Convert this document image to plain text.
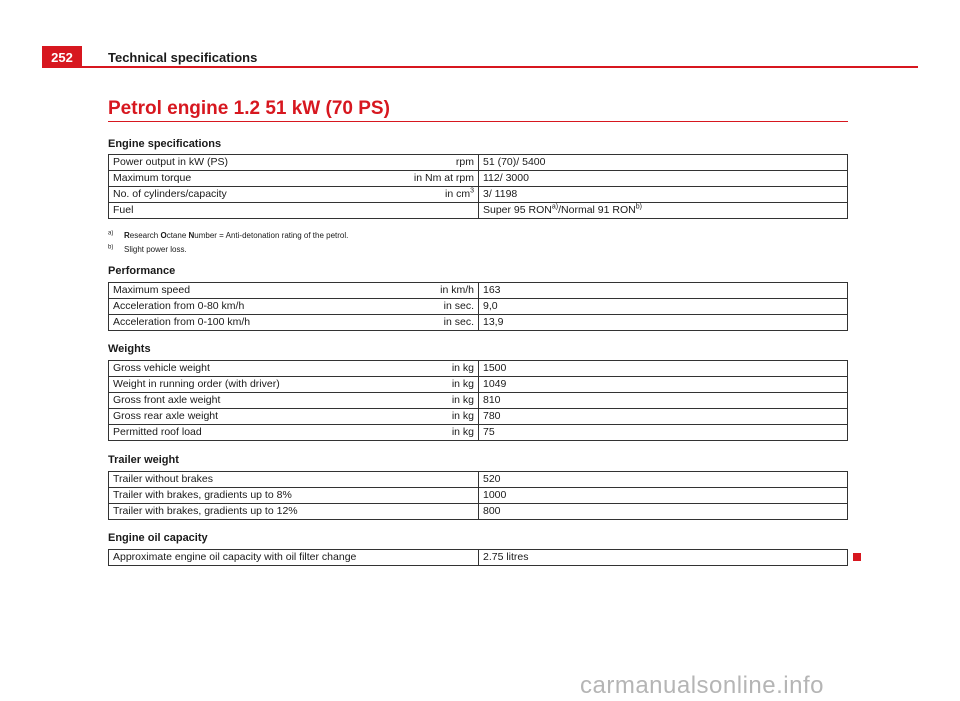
252	Technical specifications
Petrol engine 1.2 51 kW (70 PS)
Engine specifications
Power output in kW (PS) rpm	51 (70)/ 5400

Maximum torque in Nm at rpm	112/ 3000

No. of cylinders/capacity in $cm^3$	3/ 1198

Fuel	Super 95 RON$^{a)}$/Normal 91 RON$^{b)}$
$^{a)}$ Research Octane Number = Anti-detonation rating of the petrol.
$^{b)}$ Slight power loss.
Performance
Maximum speed in km/h	163

Acceleration from 0-80 km/h in sec.	9,0

Acceleration from 0-100 km/h in sec.	13,9
Weights
Gross vehicle weight in kg	1500

Weight in running order (with driver) in kg	1049

Gross front axle weight in kg	810

Gross rear axle weight in kg	780

Permitted roof load in kg	75
Trailer weight
Trailer without brakes	520
Trailer with brakes, gradients up to 8%	1000
Trailer with brakes, gradients up to 12%	800
Engine oil capacity
Approximate engine oil capacity with oil filter change	2.75 litres
carmanualsonline.info
